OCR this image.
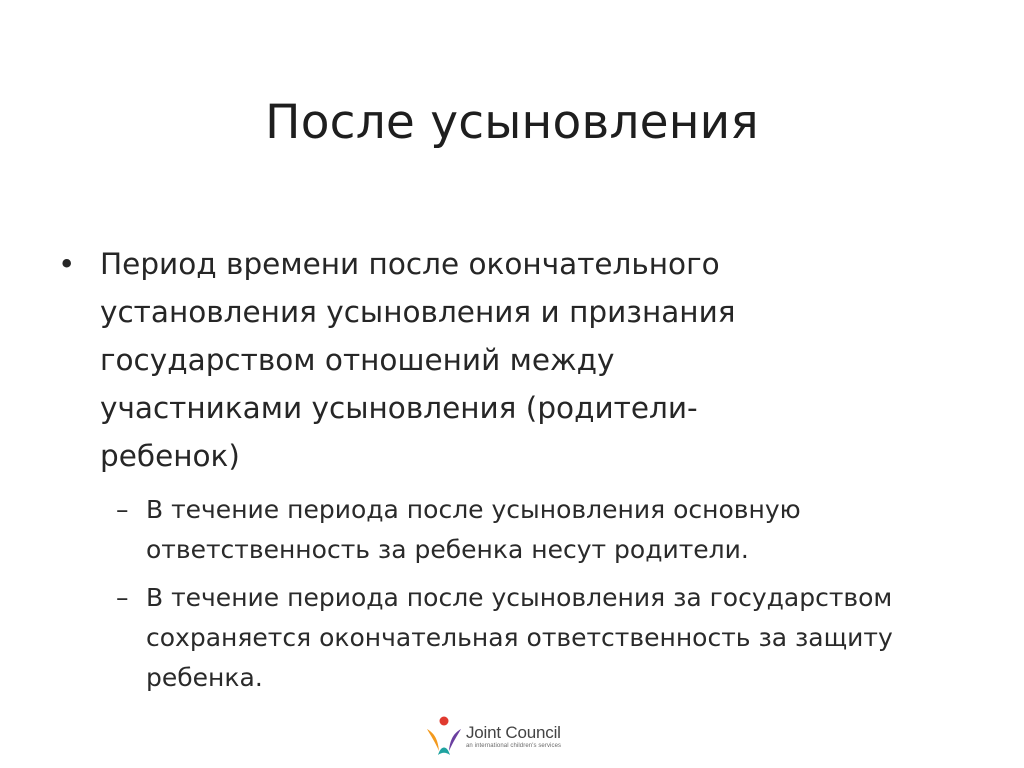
После усыновления
• Период времени после окончательного установления усыновления и признания государством отношений между участниками усыновления (родители-ребенок)
– В течение периода после усыновления основную ответственность за ребенка несут родители.
– В течение периода после усыновления за государством сохраняется окончательная ответственность за защиту ребенка.
Joint Council
an international children's services
